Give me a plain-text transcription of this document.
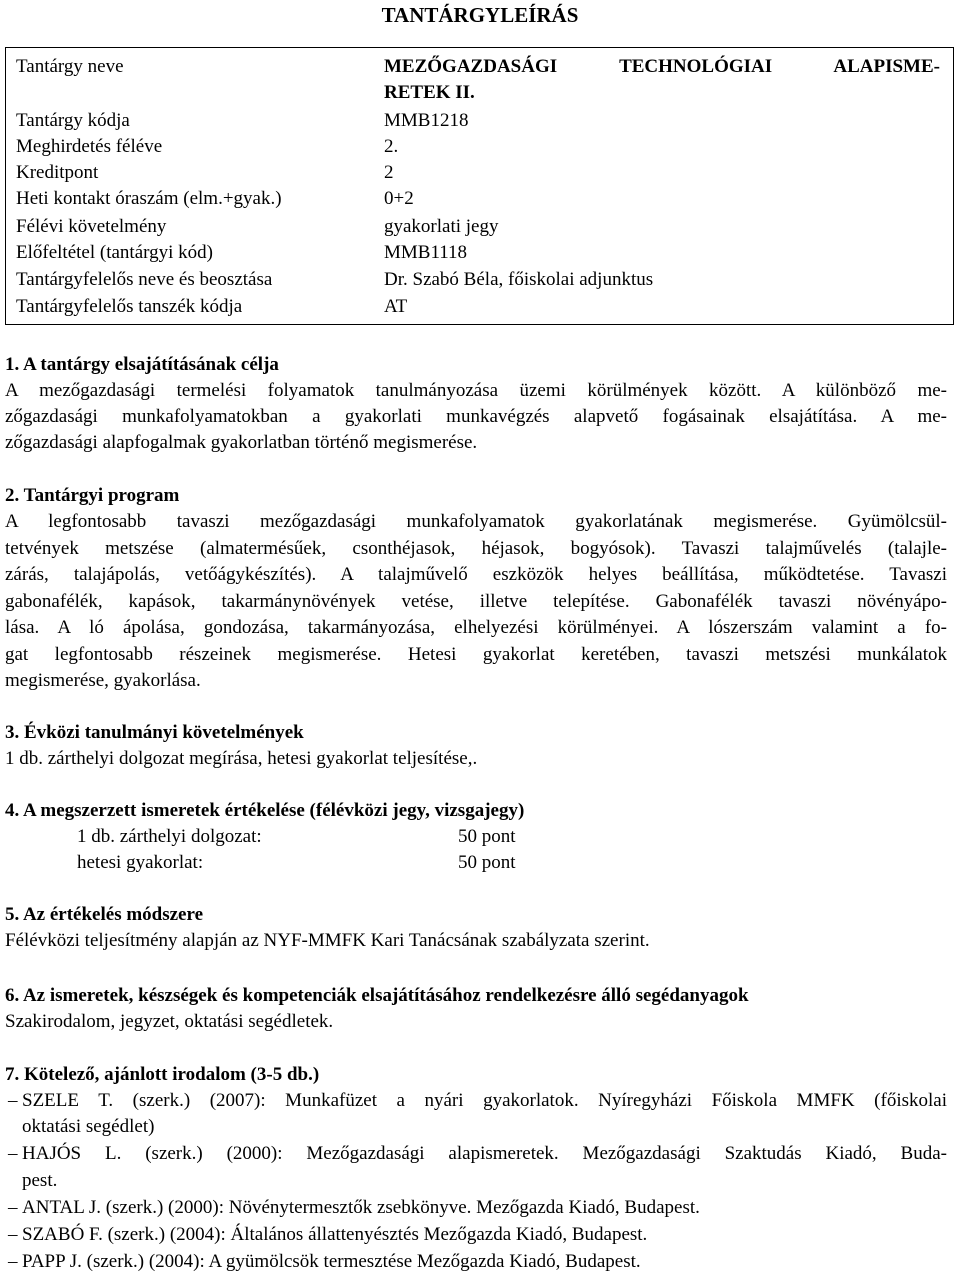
TANTÁRGYLEÍRÁS
Tantárgy neve	MEZŐGAZDASÁGI TECHNOLÓGIAI ALAPISME-
RETEK II.
Tantárgy kódja	MMB1218
Meghirdetés féléve	2.
Kreditpont	2
Heti kontakt óraszám (elm.+gyak.)	0+2
Félévi követelmény	gyakorlati jegy
Előfeltétel (tantárgyi kód)	MMB1118
Tantárgyfelelős neve és beosztása	Dr. Szabó Béla, főiskolai adjunktus
Tantárgyfelelős tanszék kódja	AT
1. A tantárgy elsajátításának célja
A mezőgazdasági termelési folyamatok tanulmányozása üzemi körülmények között. A különböző me-
zőgazdasági munkafolyamatokban a gyakorlati munkavégzés alapvető fogásainak elsajátítása. A me-
zőgazdasági alapfogalmak gyakorlatban történő megismerése.
2. Tantárgyi program
A legfontosabb tavaszi mezőgazdasági munkafolyamatok gyakorlatának megismerése. Gyümölcsül-
tetvények metszése (almatermésűek, csonthéjasok, héjasok, bogyósok). Tavaszi talajművelés (talajle-
zárás, talajápolás, vetőágykészítés). A talajművelő eszközök helyes beállítása, működtetése. Tavaszi
gabonafélék, kapások, takarmánynövények vetése, illetve telepítése. Gabonafélék tavaszi növényápo-
lása. A ló ápolása, gondozása, takarmányozása, elhelyezési körülményei. A lószerszám valamint a fo-
gat legfontosabb részeinek megismerése. Hetesi gyakorlat keretében, tavaszi metszési munkálatok
megismerése, gyakorlása.
3. Évközi tanulmányi követelmények
1 db. zárthelyi dolgozat megírása, hetesi gyakorlat teljesítése,.
4. A megszerzett ismeretek értékelése (félévközi jegy, vizsgajegy)
1 db. zárthelyi dolgozat:	50 pont
hetesi gyakorlat:	50 pont
5. Az értékelés módszere
Félévközi teljesítmény alapján az NYF-MMFK Kari Tanácsának szabályzata szerint.
6. Az ismeretek, készségek és kompetenciák elsajátításához rendelkezésre álló segédanyagok
Szakirodalom, jegyzet, oktatási segédletek.
7. Kötelező, ajánlott irodalom (3-5 db.)
– SZELE T. (szerk.) (2007): Munkafüzet a nyári gyakorlatok. Nyíregyházi Főiskola MMFK (főiskolai
oktatási segédlet)
– HAJÓS L. (szerk.) (2000): Mezőgazdasági alapismeretek. Mezőgazdasági Szaktudás Kiadó, Buda-
pest.
– ANTAL J. (szerk.) (2000): Növénytermesztők zsebkönyve. Mezőgazda Kiadó, Budapest.
– SZABÓ F. (szerk.) (2004): Általános állattenyésztés Mezőgazda Kiadó, Budapest.
– PAPP J. (szerk.) (2004): A gyümölcsök termesztése Mezőgazda Kiadó, Budapest.
